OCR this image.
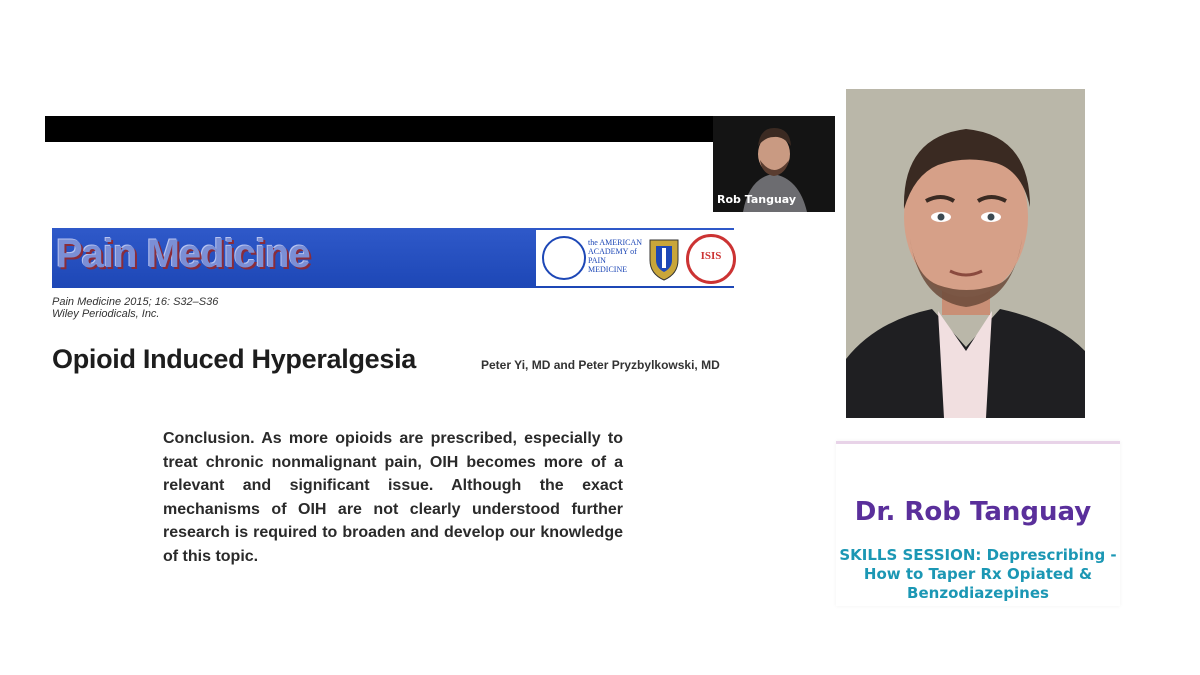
Rob Tanguay
Pain Medicine	the AMERICAN ACADEMY of PAIN MEDICINE
ISIS
Pain Medicine 2015; 16: S32–S36
Wiley Periodicals, Inc.
Opioid Induced Hyperalgesia	Peter Yi, MD and Peter Pryzbylkowski, MD
Conclusion. As more opioids are prescribed, especially to treat chronic nonmalignant pain, OIH becomes more of a relevant and significant issue. Although the exact mechanisms of OIH are not clearly understood further research is required to broaden and develop our knowledge of this topic.
Dr. Rob Tanguay
SKILLS SESSION: Deprescribing -
How to Taper Rx Opiated &
Benzodiazepines
